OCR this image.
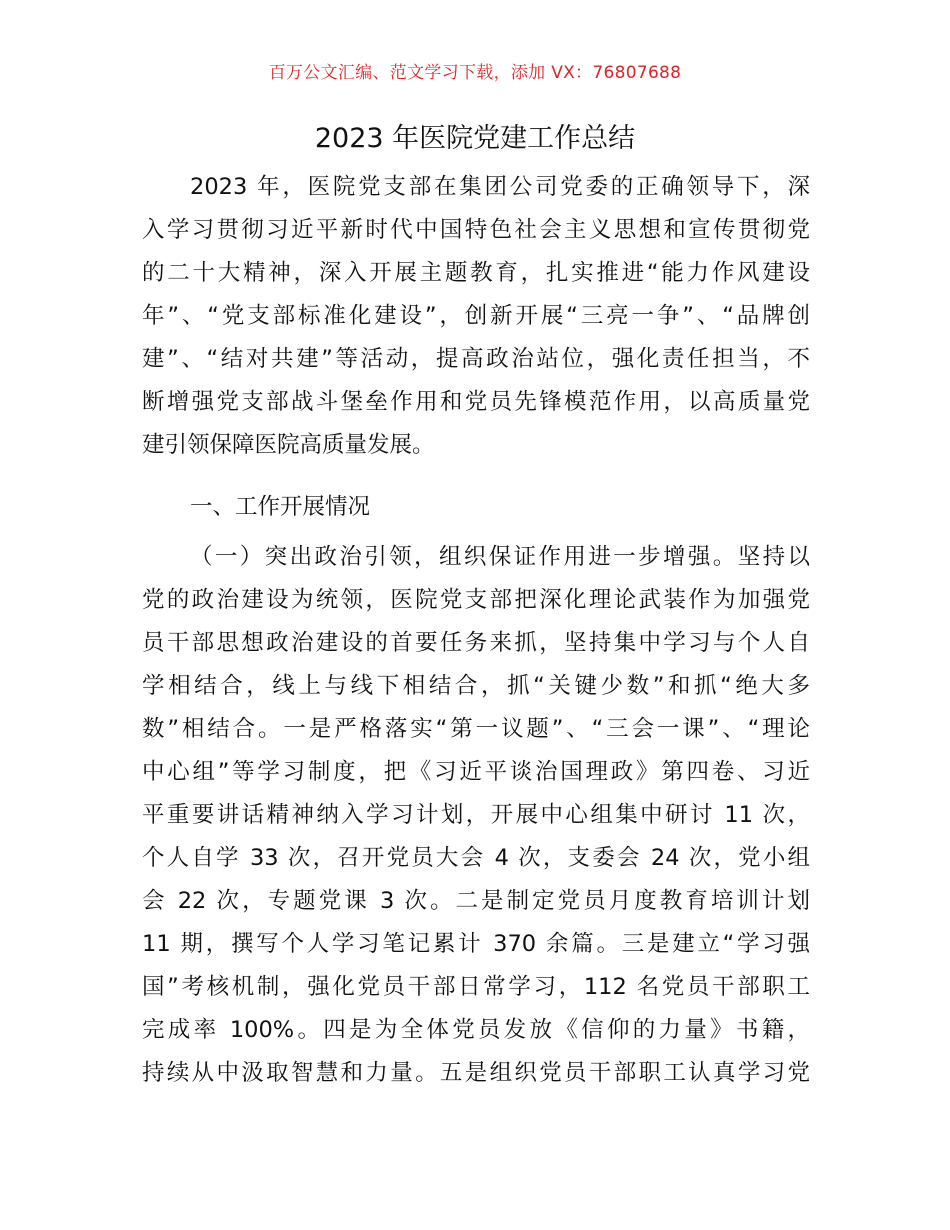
百万公文汇编、范文学习下载，添加 VX：76807688
2023 年医院党建工作总结
2023 年，医院党支部在集团公司党委的正确领导下，深
入学习贯彻习近平新时代中国特色社会主义思想和宣传贯彻党
的二十大精神，深入开展主题教育，扎实推进“能力作风建设
年”、“党支部标准化建设”，创新开展“三亮一争”、“品牌创
建”、“结对共建”等活动，提高政治站位，强化责任担当，不
断增强党支部战斗堡垒作用和党员先锋模范作用，以高质量党
建引领保障医院高质量发展。
一、工作开展情况
（一）突出政治引领，组织保证作用进一步增强。坚持以
党的政治建设为统领，医院党支部把深化理论武装作为加强党
员干部思想政治建设的首要任务来抓，坚持集中学习与个人自
学相结合，线上与线下相结合，抓“关键少数”和抓“绝大多
数”相结合。一是严格落实“第一议题”、“三会一课”、“理论
中心组”等学习制度，把《习近平谈治国理政》第四卷、习近
平重要讲话精神纳入学习计划，开展中心组集中研讨 11 次，
个人自学 33 次，召开党员大会 4 次，支委会 24 次，党小组
会 22 次，专题党课 3 次。二是制定党员月度教育培训计划
11 期，撰写个人学习笔记累计 370 余篇。三是建立“学习强
国”考核机制，强化党员干部日常学习，112 名党员干部职工
完成率 100%。四是为全体党员发放《信仰的力量》书籍，
持续从中汲取智慧和力量。五是组织党员干部职工认真学习党
